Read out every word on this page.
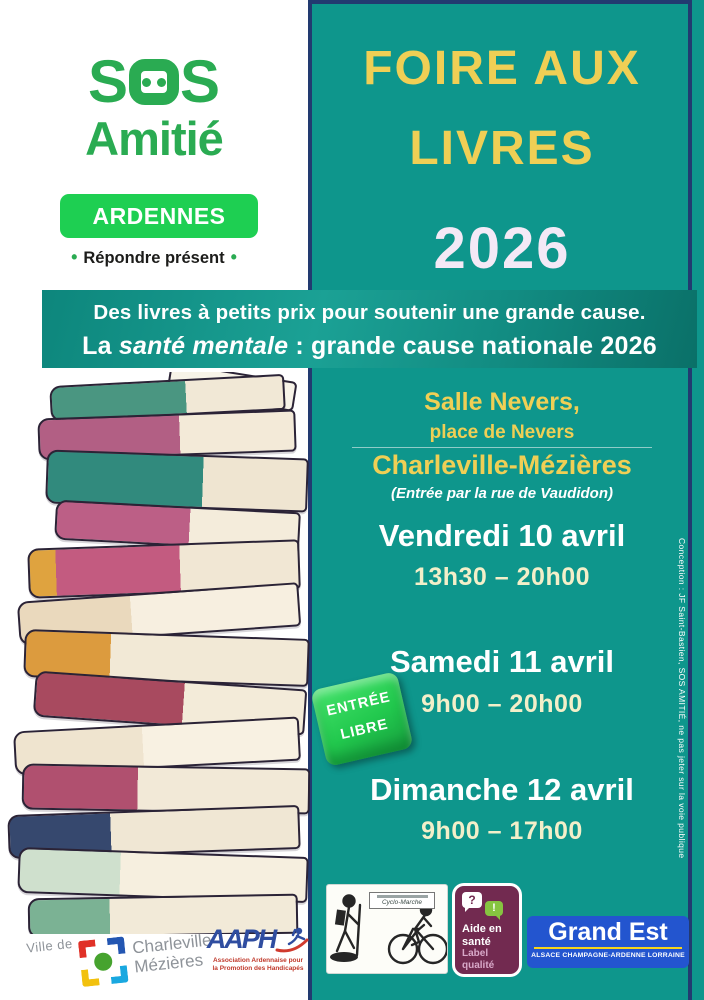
S S
Amitié
ARDENNES
• Répondre présent •
FOIRE AUX
LIVRES
2026
Des livres à petits prix pour soutenir une grande cause.
La santé mentale : grande cause nationale 2026
Salle Nevers,
place de Nevers
Charleville-Mézières
(Entrée par la rue de Vaudidon)
Vendredi 10 avril
13h30 – 20h00
Samedi 11 avril
9h00 – 20h00
Dimanche 12 avril
9h00 – 17h00
ENTRÉE
LIBRE	Conception : JF Saint-Bastien, SOS AMITIÉ, ne pas jeter sur la voie publique
Cyclo-Marche	?
!
Aide en
santé
Label
qualité
Grand Est
ALSACE CHAMPAGNE-ARDENNE LORRAINE
Ville de	Charleville
Mézières
AAPH
Association Ardennaise pour
la Promotion des Handicapés
